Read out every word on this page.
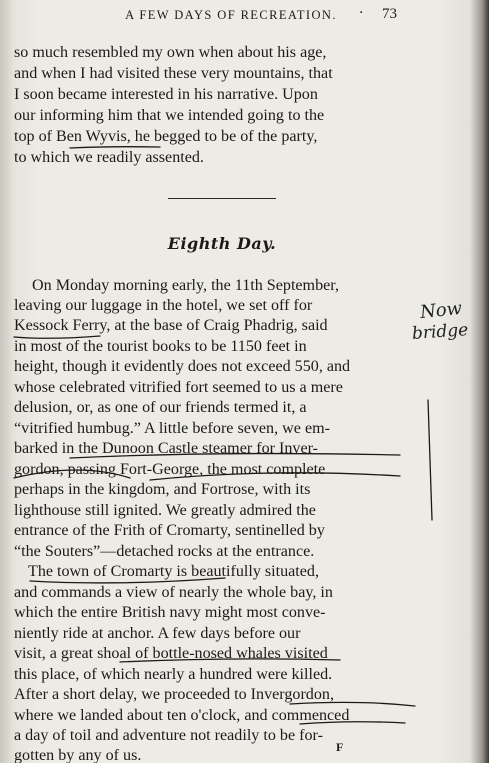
A FEW DAYS OF RECREATION.	· 73
so much resembled my own when about his age,
and when I had visited these very mountains, that
I soon became interested in his narrative. Upon
our informing him that we intended going to the
top of Ben Wyvis, he begged to be of the party,
to which we readily assented.
Eighth Day.
On Monday morning early, the 11th September,
leaving our luggage in the hotel, we set off for
Kessock Ferry, at the base of Craig Phadrig, said
in most of the tourist books to be 1150 feet in
height, though it evidently does not exceed 550, and
whose celebrated vitrified fort seemed to us a mere
delusion, or, as one of our friends termed it, a
“vitrified humbug.” A little before seven, we em-
barked in the Dunoon Castle steamer for Inver-
gordon, passing Fort-George, the most complete
perhaps in the kingdom, and Fortrose, with its
lighthouse still ignited. We greatly admired the
entrance of the Frith of Cromarty, sentinelled by
“the Souters”—detached rocks at the entrance.
The town of Cromarty is beautifully situated,
and commands a view of nearly the whole bay, in
which the entire British navy might most conve-
niently ride at anchor. A few days before our
visit, a great shoal of bottle-nosed whales visited
this place, of which nearly a hundred were killed.
After a short delay, we proceeded to Invergordon,
where we landed about ten o'clock, and commenced
a day of toil and adventure not readily to be for-
gotten by any of us.	F
Now
bridge
